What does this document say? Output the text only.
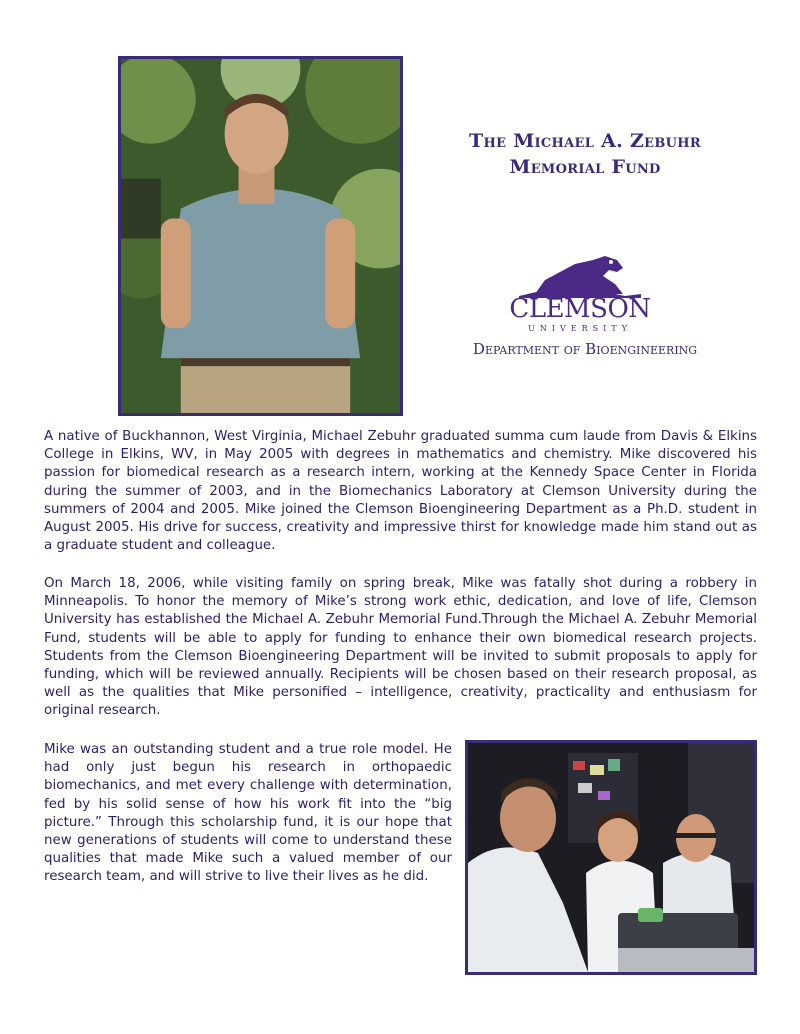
The Michael A. Zebuhr
Memorial Fund
CLEMSON
UNIVERSITY
Department of Bioengineering

A native of Buckhannon, West Virginia, Michael Zebuhr graduated summa cum laude from Davis & Elkins College in Elkins, WV, in May 2005 with degrees in mathematics and chemistry. Mike discovered his passion for biomedical research as a research intern, working at the Kennedy Space Center in Florida during the summer of 2003, and in the Biomechanics Laboratory at Clemson University during the summers of 2004 and 2005. Mike joined the Clemson Bioengineering Department as a Ph.D. student in August 2005. His drive for success, creativity and impressive thirst for knowledge made him stand out as a graduate student and colleague.

On March 18, 2006, while visiting family on spring break, Mike was fatally shot during a robbery in Minneapolis. To honor the memory of Mike’s strong work ethic, dedication, and love of life, Clemson University has established the Michael A. Zebuhr Memorial Fund.Through the Michael A. Zebuhr Memorial Fund, students will be able to apply for funding to enhance their own biomedical research projects. Students from the Clemson Bioengineering Department will be invited to submit proposals to apply for funding, which will be reviewed annually. Recipients will be chosen based on their research proposal, as well as the qualities that Mike personified – intelligence, creativity, practicality and enthusiasm for original research.

Mike was an outstanding student and a true role model. He had only just begun his research in orthopaedic biomechanics, and met every challenge with determination, fed by his solid sense of how his work fit into the “big picture.” Through this scholarship fund, it is our hope that new generations of students will come to understand these qualities that made Mike such a valued member of our research team, and will strive to live their lives as he did.
